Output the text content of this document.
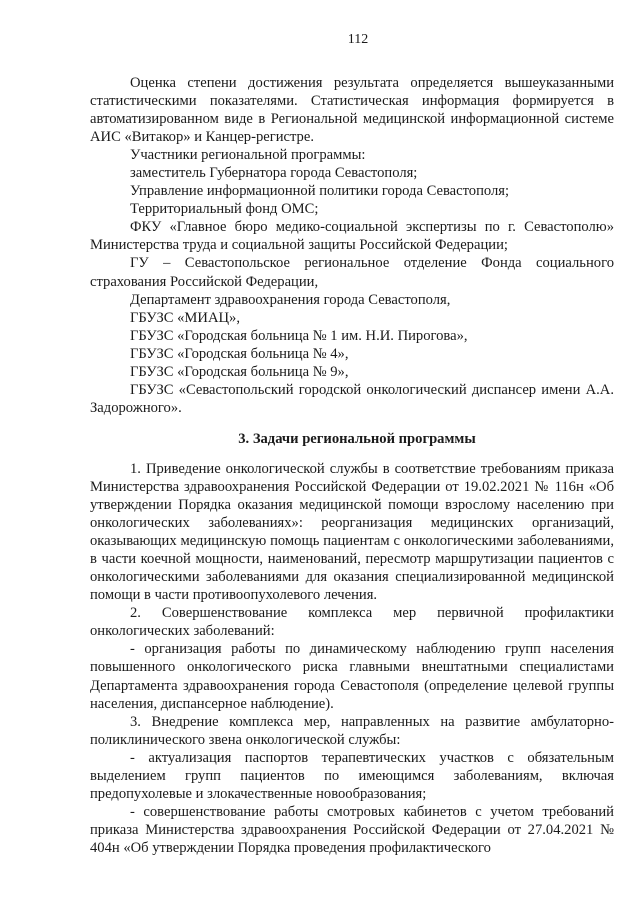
112

Оценка степени достижения результата определяется вышеуказанными статистическими показателями. Статистическая информация формируется в автоматизированном виде в Региональной медицинской информационной системе АИС «Витакор» и Канцер-регистре.

Участники региональной программы:

заместитель Губернатора города Севастополя;

Управление информационной политики города Севастополя;

Территориальный фонд ОМС;

ФКУ «Главное бюро медико-социальной экспертизы по г. Севастополю» Министерства труда и социальной защиты Российской Федерации;

ГУ – Севастопольское региональное отделение Фонда социального страхования Российской Федерации,

Департамент здравоохранения города Севастополя,

ГБУЗС «МИАЦ»,

ГБУЗС «Городская больница № 1 им. Н.И. Пирогова»,

ГБУЗС «Городская больница № 4»,

ГБУЗС «Городская больница № 9»,

ГБУЗС «Севастопольский городской онкологический диспансер имени А.А. Задорожного».

3. Задачи региональной программы

1. Приведение онкологической службы в соответствие требованиям приказа Министерства здравоохранения Российской Федерации от 19.02.2021 № 116н «Об утверждении Порядка оказания медицинской помощи взрослому населению при онкологических заболеваниях»: реорганизация медицинских организаций, оказывающих медицинскую помощь пациентам с онкологическими заболеваниями, в части коечной мощности, наименований, пересмотр маршрутизации пациентов с онкологическими заболеваниями для оказания специализированной медицинской помощи в части противоопухолевого лечения.

2. Совершенствование комплекса мер первичной профилактики онкологических заболеваний:

- организация работы по динамическому наблюдению групп населения повышенного онкологического риска главными внештатными специалистами Департамента здравоохранения города Севастополя (определение целевой группы населения, диспансерное наблюдение).

3. Внедрение комплекса мер, направленных на развитие амбулаторно-поликлинического звена онкологической службы:

- актуализация паспортов терапевтических участков с обязательным выделением групп пациентов по имеющимся заболеваниям, включая предопухолевые и злокачественные новообразования;

- совершенствование работы смотровых кабинетов с учетом требований приказа Министерства здравоохранения Российской Федерации от 27.04.2021 № 404н «Об утверждении Порядка проведения профилактического
